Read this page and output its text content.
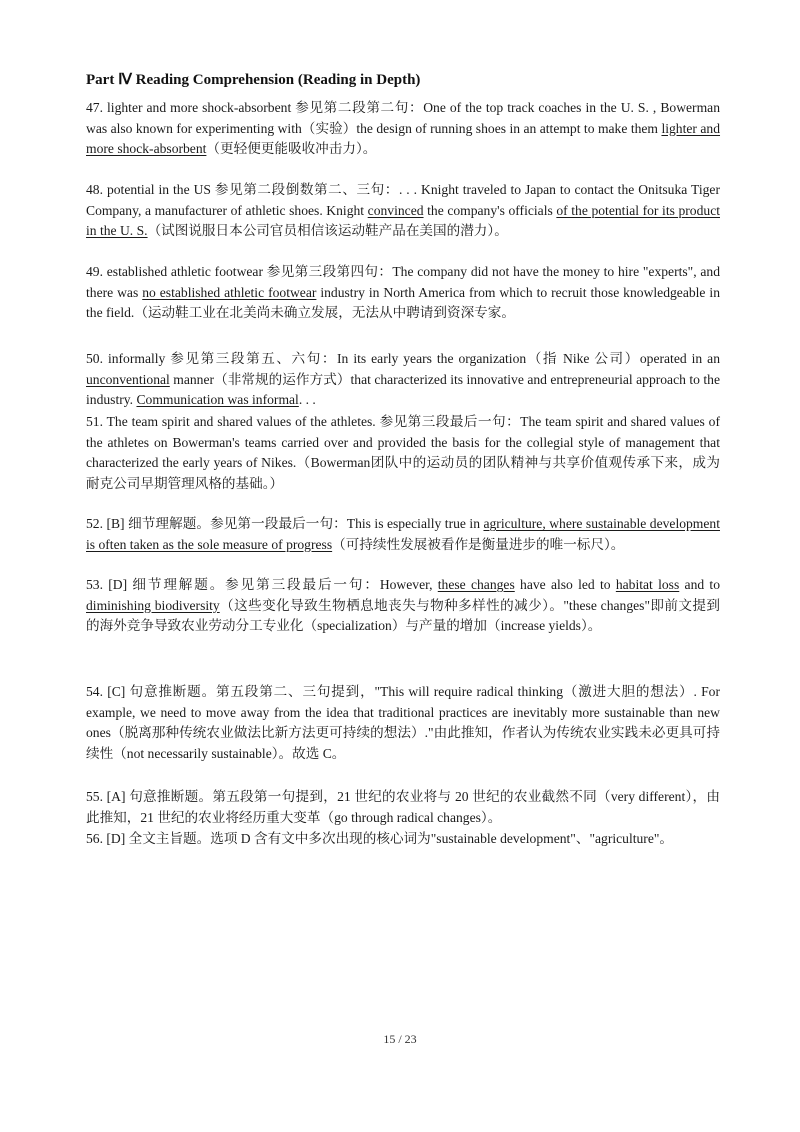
Part Ⅳ Reading Comprehension (Reading in Depth)

47. lighter and more shock-absorbent 参见第二段第二句：One of the top track coaches in the U. S. , Bowerman was also known for experimenting with（实验）the design of running shoes in an attempt to make them lighter and more shock-absorbent（更轻便更能吸收冲击力）。
48. potential in the US 参见第二段倒数第二、三句：. . . Knight traveled to Japan to contact the Onitsuka Tiger Company, a manufacturer of athletic shoes. Knight convinced the company's officials of the potential for its product in the U. S.（试图说服日本公司官员相信该运动鞋产品在美国的潜力）。
49. established athletic footwear 参见第三段第四句：The company did not have the money to hire "experts", and there was no established athletic footwear industry in North America from which to recruit those knowledgeable in the field.（运动鞋工业在北美尚未确立发展，无法从中聘请到资深专家。
50. informally 参见第三段第五、六句：In its early years the organization（指 Nike 公司）operated in an unconventional manner（非常规的运作方式）that characterized its innovative and entrepreneurial approach to the industry. Communication was informal. . .
51. The team spirit and shared values of the athletes. 参见第三段最后一句：The team spirit and shared values of the athletes on Bowerman's teams carried over and provided the basis for the collegial style of management that characterized the early years of Nikes.（Bowerman团队中的运动员的团队精神与共享价值观传承下来，成为耐克公司早期管理风格的基础。）
52. [B] 细节理解题。参见第一段最后一句：This is especially true in agriculture, where sustainable development is often taken as the sole measure of progress（可持续性发展被看作是衡量进步的唯一标尺）。
53. [D] 细节理解题。参见第三段最后一句：However, these changes have also led to habitat loss and to diminishing biodiversity（这些变化导致生物栖息地丧失与物种多样性的减少）。"these changes"即前文提到的海外竞争导致农业劳动分工专业化（specialization）与产量的增加（increase yields）。
54. [C] 句意推断题。第五段第二、三句提到，"This will require radical thinking（激进大胆的想法）. For example, we need to move away from the idea that traditional practices are inevitably more sustainable than new ones（脱离那种传统农业做法比新方法更可持续的想法）."由此推知，作者认为传统农业实践未必更具可持续性（not necessarily sustainable）。故选 C。
55. [A] 句意推断题。第五段第一句提到，21 世纪的农业将与 20 世纪的农业截然不同（very different），由此推知，21 世纪的农业将经历重大变革（go through radical changes）。
56. [D] 全文主旨题。选项 D 含有文中多次出现的核心词为"sustainable development"、"agriculture"。
15 / 23
